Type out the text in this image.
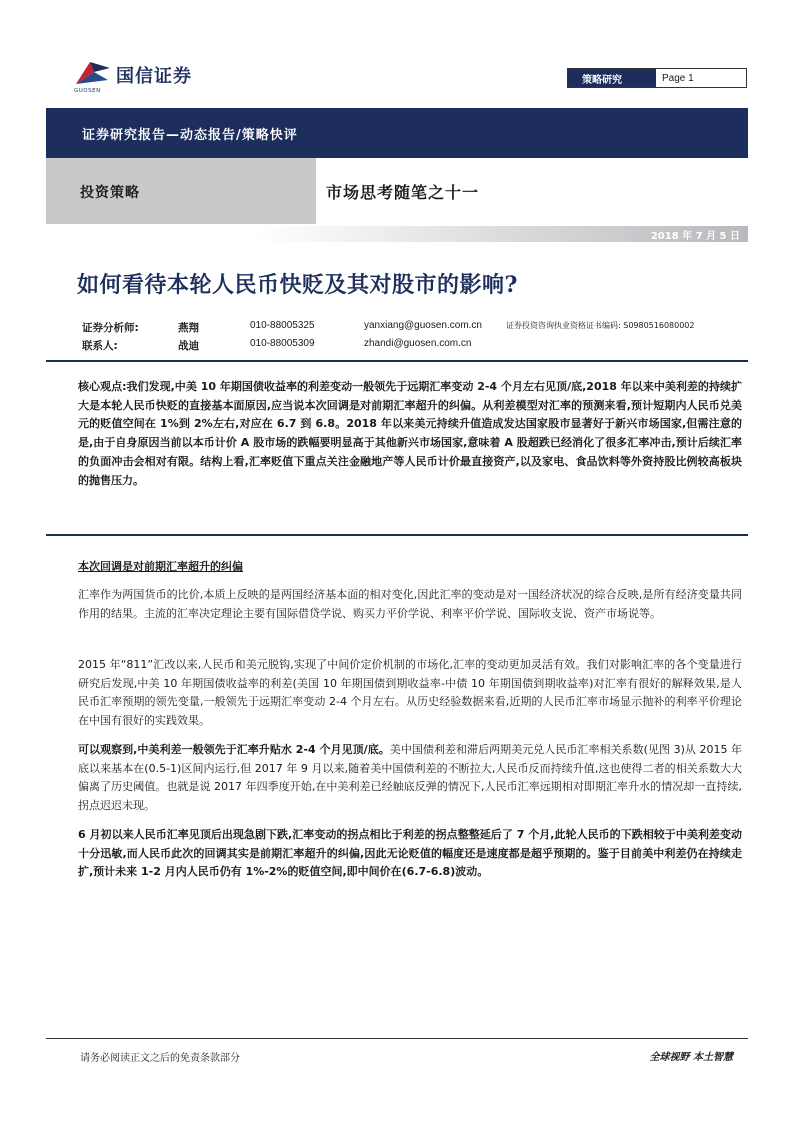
国信证券
GUOSEN
策略研究	Page 1
证券研究报告—动态报告/策略快评
投资策略	市场思考随笔之十一
2018 年 7 月 5 日
如何看待本轮人民币快贬及其对股市的影响?
证券分析师:	燕翔	010-88005325	yanxiang@guosen.com.cn	证券投资咨询执业资格证书编码: S0980516080002
联系人:	战迪	010-88005309	zhandi@guosen.com.cn
核心观点:我们发现,中美 10 年期国债收益率的利差变动一般领先于远期汇率变动 2-4 个月左右见顶/底,2018 年以来中美利差的持续扩大是本轮人民币快贬的直接基本面原因,应当说本次回调是对前期汇率超升的纠偏。从利差模型对汇率的预测来看,预计短期内人民币兑美元的贬值空间在 1%到 2%左右,对应在 6.7 到 6.8。2018 年以来美元持续升值造成发达国家股市显著好于新兴市场国家,但需注意的是,由于自身原因当前以本币计价 A 股市场的跌幅要明显高于其他新兴市场国家,意味着 A 股超跌已经消化了很多汇率冲击,预计后续汇率的负面冲击会相对有限。结构上看,汇率贬值下重点关注金融地产等人民币计价最直接资产,以及家电、食品饮料等外资持股比例较高板块的抛售压力。
本次回调是对前期汇率超升的纠偏
汇率作为两国货币的比价,本质上反映的是两国经济基本面的相对变化,因此汇率的变动是对一国经济状况的综合反映,是所有经济变量共同作用的结果。主流的汇率决定理论主要有国际借贷学说、购买力平价学说、利率平价学说、国际收支说、资产市场说等。
2015 年“811”汇改以来,人民币和美元脱钩,实现了中间价定价机制的市场化,汇率的变动更加灵活有效。我们对影响汇率的各个变量进行研究后发现,中美 10 年期国债收益率的利差(美国 10 年期国债到期收益率-中债 10 年期国债到期收益率)对汇率有很好的解释效果,是人民币汇率预期的领先变量,一般领先于远期汇率变动 2-4 个月左右。从历史经验数据来看,近期的人民币汇率市场显示抛补的利率平价理论在中国有很好的实践效果。
可以观察到,中美利差一般领先于汇率升贴水 2-4 个月见顶/底。美中国债利差和滞后两期美元兑人民币汇率相关系数(见图 3)从 2015 年底以来基本在(0.5-1)区间内运行,但 2017 年 9 月以来,随着美中国债利差的不断拉大,人民币反而持续升值,这也使得二者的相关系数大大偏离了历史阈值。也就是说 2017 年四季度开始,在中美利差已经触底反弹的情况下,人民币汇率远期相对即期汇率升水的情况却一直持续,拐点迟迟未现。
6 月初以来人民币汇率见顶后出现急剧下跌,汇率变动的拐点相比于利差的拐点整整延后了 7 个月,此轮人民币的下跌相较于中美利差变动十分迅敏,而人民币此次的回调其实是前期汇率超升的纠偏,因此无论贬值的幅度还是速度都是超乎预期的。鉴于目前美中利差仍在持续走扩,预计未来 1-2 月内人民币仍有 1%-2%的贬值空间,即中间价在(6.7-6.8)波动。
请务必阅读正文之后的免责条款部分	全球视野 本土智慧
